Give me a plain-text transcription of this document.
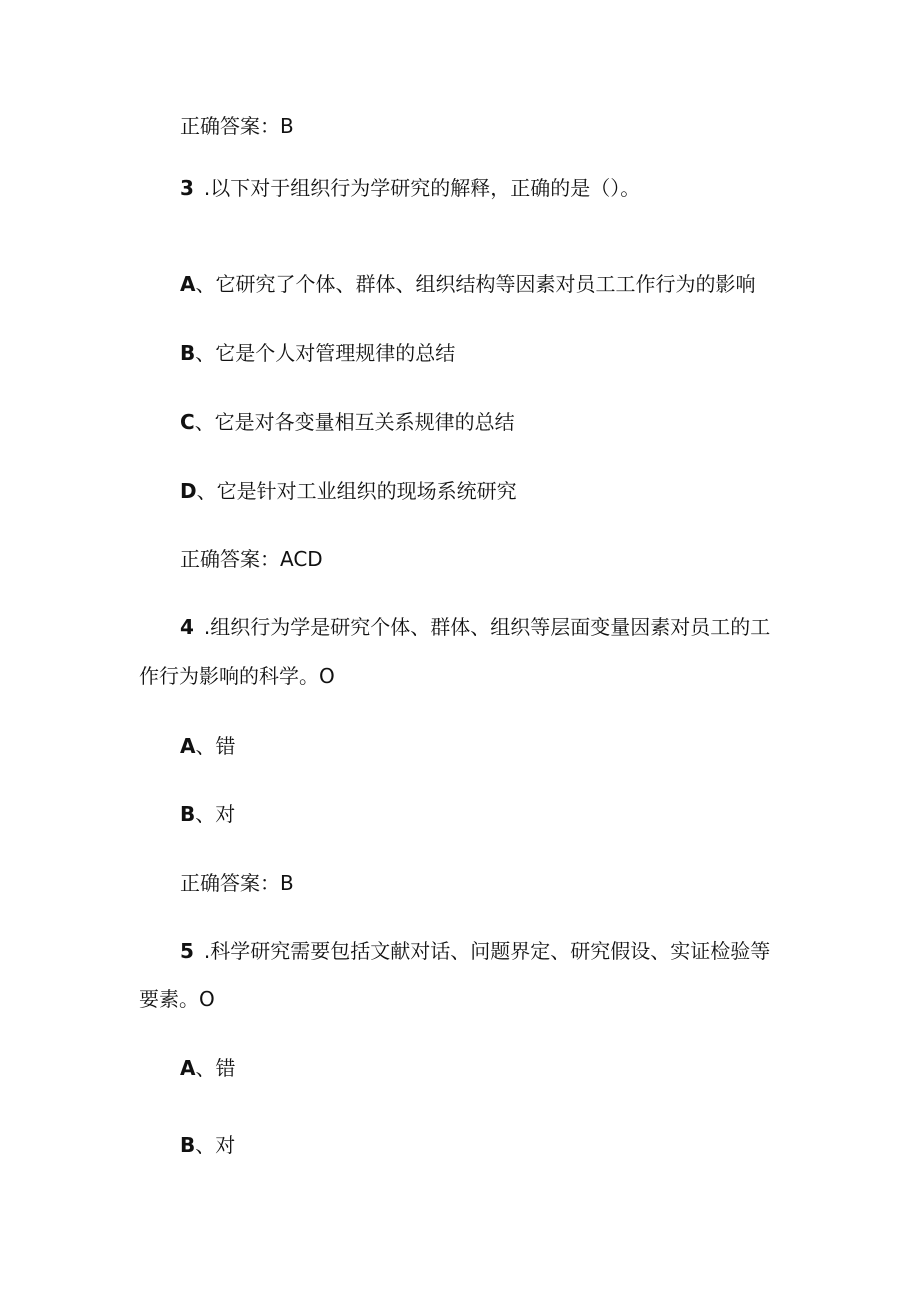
正确答案：B
3 .以下对于组织行为学研究的解释，正确的是（）。
A、它研究了个体、群体、组织结构等因素对员工工作行为的影响
B、它是个人对管理规律的总结
C、它是对各变量相互关系规律的总结
D、它是针对工业组织的现场系统研究
正确答案：ACD
4 .组织行为学是研究个体、群体、组织等层面变量因素对员工的工
作行为影响的科学。O
A、错
B、对
正确答案：B
5 .科学研究需要包括文献对话、问题界定、研究假设、实证检验等
要素。O
A、错
B、对
